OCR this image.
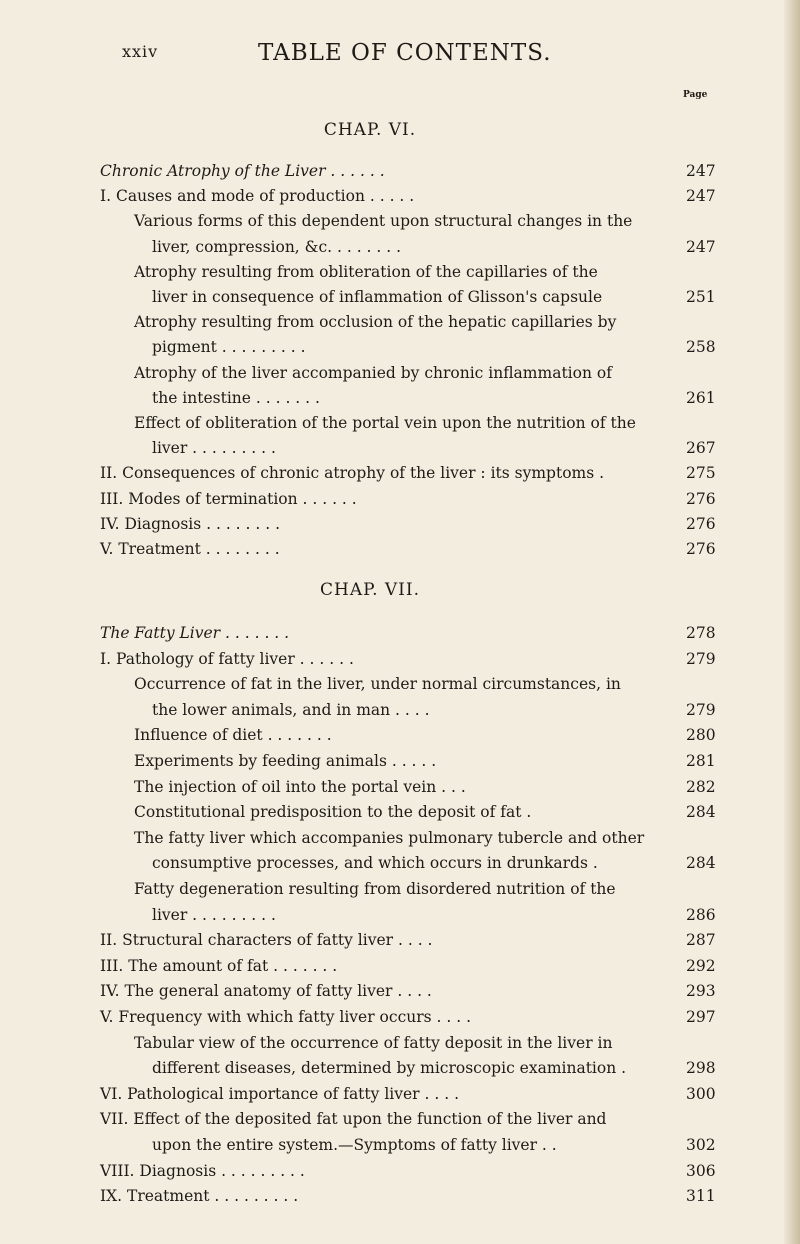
xxiv	TABLE OF CONTENTS.
Page
CHAP. VI.
Chronic Atrophy of the Liver . . . . . .	247
I. Causes and mode of production . . . . .	247
Various forms of this dependent upon structural changes in the
liver, compression, &c. . . . . . . .	247
Atrophy resulting from obliteration of the capillaries of the
liver in consequence of inflammation of Glisson's capsule	251
Atrophy resulting from occlusion of the hepatic capillaries by
pigment . . . . . . . . .	258
Atrophy of the liver accompanied by chronic inflammation of
the intestine . . . . . . .	261
Effect of obliteration of the portal vein upon the nutrition of the
liver . . . . . . . . .	267
II. Consequences of chronic atrophy of the liver : its symptoms .	275
III. Modes of termination . . . . . .	276
IV. Diagnosis . . . . . . . .	276
V. Treatment . . . . . . . .	276
CHAP. VII.
The Fatty Liver . . . . . . .	278
I. Pathology of fatty liver . . . . . .	279
Occurrence of fat in the liver, under normal circumstances, in
the lower animals, and in man . . . .	279
Influence of diet . . . . . . .	280
Experiments by feeding animals . . . . .	281
The injection of oil into the portal vein . . .	282
Constitutional predisposition to the deposit of fat .	284
The fatty liver which accompanies pulmonary tubercle and other
consumptive processes, and which occurs in drunkards .	284
Fatty degeneration resulting from disordered nutrition of the
liver . . . . . . . . .	286
II. Structural characters of fatty liver . . . .	287
III. The amount of fat . . . . . . .	292
IV. The general anatomy of fatty liver . . . .	293
V. Frequency with which fatty liver occurs . . . .	297
Tabular view of the occurrence of fatty deposit in the liver in
different diseases, determined by microscopic examination .	298
VI. Pathological importance of fatty liver . . . .	300
VII. Effect of the deposited fat upon the function of the liver and
upon the entire system.—Symptoms of fatty liver . .	302
VIII. Diagnosis . . . . . . . . .	306
IX. Treatment . . . . . . . . .	311
